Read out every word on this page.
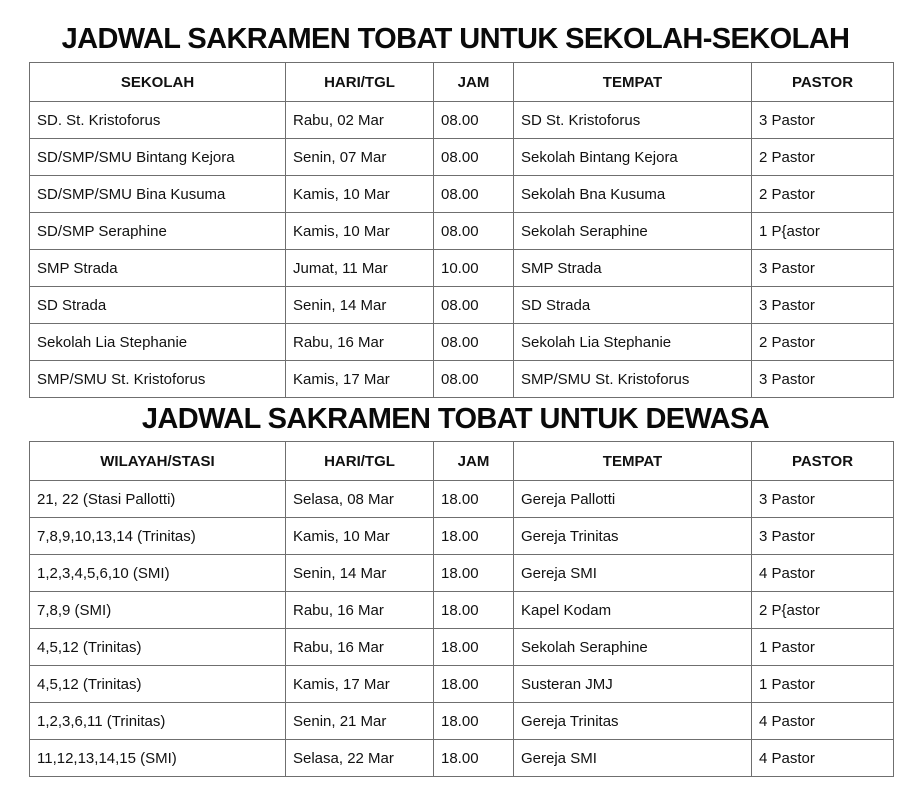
JADWAL SAKRAMEN TOBAT UNTUK SEKOLAH-SEKOLAH
SEKOLAH	HARI/TGL	JAM	TEMPAT	PASTOR
SD. St. Kristoforus	Rabu, 02 Mar	08.00	SD St. Kristoforus	3 Pastor
SD/SMP/SMU Bintang Kejora	Senin, 07 Mar	08.00	Sekolah Bintang Kejora	2 Pastor
SD/SMP/SMU Bina Kusuma	Kamis, 10 Mar	08.00	Sekolah Bna Kusuma	2 Pastor
SD/SMP Seraphine	Kamis, 10 Mar	08.00	Sekolah Seraphine	1 P{astor
SMP Strada	Jumat, 11 Mar	10.00	SMP Strada	3 Pastor
SD Strada	Senin, 14 Mar	08.00	SD Strada	3 Pastor
Sekolah Lia Stephanie	Rabu, 16 Mar	08.00	Sekolah Lia Stephanie	2 Pastor
SMP/SMU St. Kristoforus	Kamis, 17 Mar	08.00	SMP/SMU St. Kristoforus	3 Pastor
JADWAL SAKRAMEN TOBAT UNTUK DEWASA
WILAYAH/STASI	HARI/TGL	JAM	TEMPAT	PASTOR
21, 22 (Stasi Pallotti)	Selasa, 08 Mar	18.00	Gereja Pallotti	3 Pastor
7,8,9,10,13,14 (Trinitas)	Kamis, 10 Mar	18.00	Gereja Trinitas	3 Pastor
1,2,3,4,5,6,10 (SMI)	Senin, 14 Mar	18.00	Gereja SMI	4 Pastor
7,8,9 (SMI)	Rabu, 16 Mar	18.00	Kapel Kodam	2 P{astor
4,5,12 (Trinitas)	Rabu, 16 Mar	18.00	Sekolah Seraphine	1 Pastor
4,5,12 (Trinitas)	Kamis, 17 Mar	18.00	Susteran JMJ	1 Pastor
1,2,3,6,11 (Trinitas)	Senin, 21 Mar	18.00	Gereja Trinitas	4 Pastor
11,12,13,14,15 (SMI)	Selasa, 22 Mar	18.00	Gereja SMI	4 Pastor
